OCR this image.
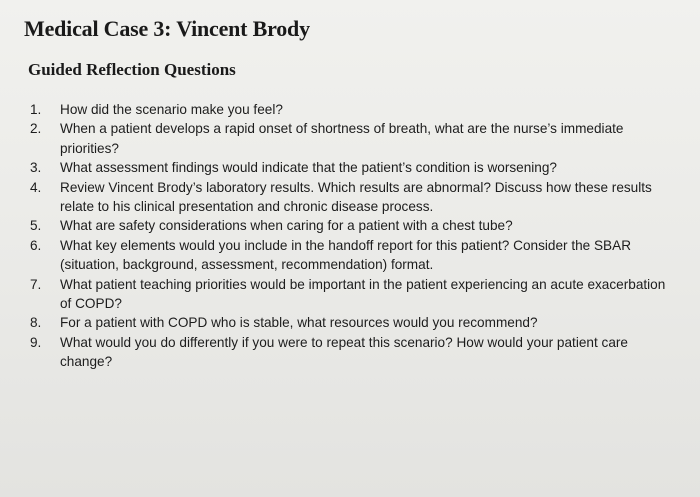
Medical Case 3: Vincent Brody
Guided Reflection Questions
1. How did the scenario make you feel?
2. When a patient develops a rapid onset of shortness of breath, what are the nurse’s immediate priorities?
3. What assessment findings would indicate that the patient’s condition is worsening?
4. Review Vincent Brody’s laboratory results. Which results are abnormal? Discuss how these results relate to his clinical presentation and chronic disease process.
5. What are safety considerations when caring for a patient with a chest tube?
6. What key elements would you include in the handoff report for this patient? Consider the SBAR (situation, background, assessment, recommendation) format.
7. What patient teaching priorities would be important in the patient experiencing an acute exacerbation of COPD?
8. For a patient with COPD who is stable, what resources would you recommend?
9. What would you do differently if you were to repeat this scenario? How would your patient care change?
